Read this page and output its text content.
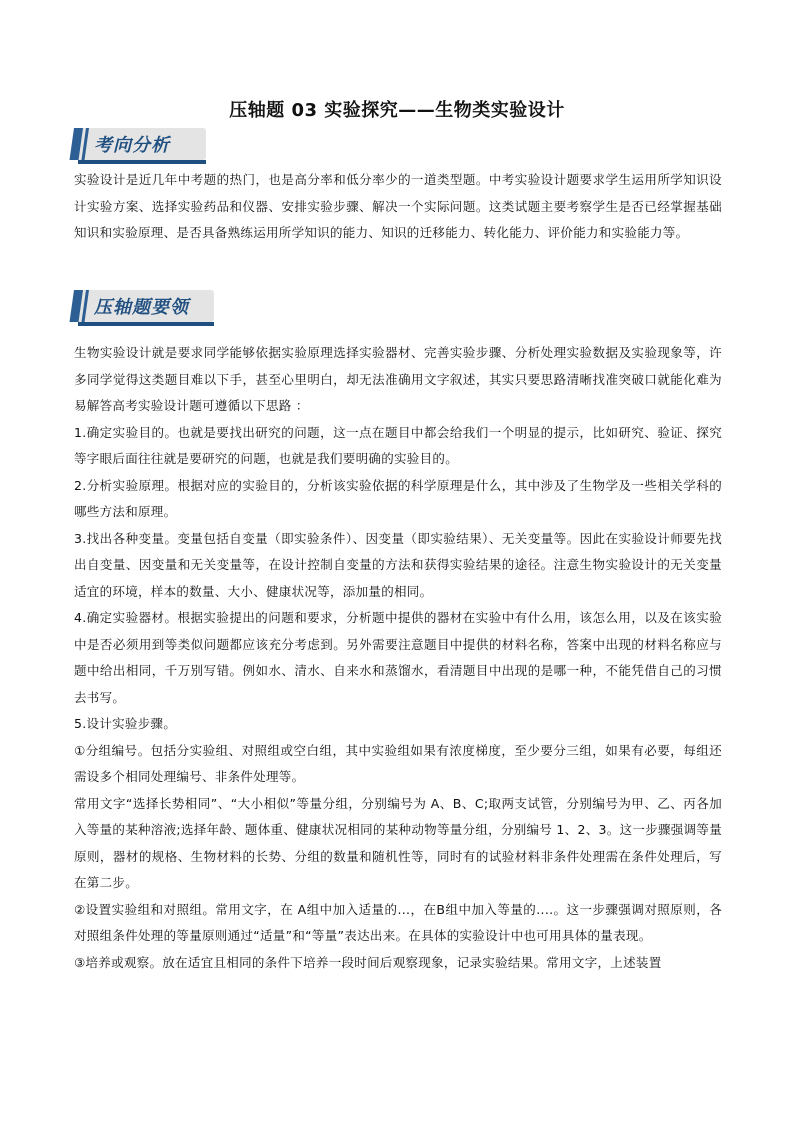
压轴题 03 实验探究——生物类实验设计
考向分析

实验设计是近几年中考题的热门，也是高分率和低分率少的一道类型题。中考实验设计题要求学生运用所学知识设计实验方案、选择实验药品和仪器、安排实验步骤、解决一个实际问题。这类试题主要考察学生是否已经掌握基础知识和实验原理、是否具备熟练运用所学知识的能力、知识的迁移能力、转化能力、评价能力和实验能力等。

压轴题要领

生物实验设计就是要求同学能够依据实验原理选择实验器材、完善实验步骤、分析处理实验数据及实验现象等，许多同学觉得这类题目难以下手，甚至心里明白，却无法准确用文字叙述，其实只要思路清晰找准突破口就能化难为易解答高考实验设计题可遵循以下思路 ：

1.确定实验目的。也就是要找出研究的问题，这一点在题目中都会给我们一个明显的提示，比如研究、验证、探究等字眼后面往往就是要研究的问题，也就是我们要明确的实验目的。

2.分析实验原理。根据对应的实验目的，分析该实验依据的科学原理是什么，其中涉及了生物学及一些相关学科的哪些方法和原理。

3.找出各种变量。变量包括自变量（即实验条件）、因变量（即实验结果）、无关变量等。因此在实验设计师要先找出自变量、因变量和无关变量等，在设计控制自变量的方法和获得实验结果的途径。注意生物实验设计的无关变量适宜的环境，样本的数量、大小、健康状况等，添加量的相同。

4.确定实验器材。根据实验提出的问题和要求，分析题中提供的器材在实验中有什么用，该怎么用，以及在该实验中是否必须用到等类似问题都应该充分考虑到。另外需要注意题目中提供的材料名称，答案中出现的材料名称应与题中给出相同，千万别写错。例如水、清水、自来水和蒸馏水，看清题目中出现的是哪一种，不能凭借自己的习惯去书写。

5.设计实验步骤。

①分组编号。包括分实验组、对照组或空白组，其中实验组如果有浓度梯度，至少要分三组，如果有必要，每组还需设多个相同处理编号、非条件处理等。

常用文字“选择长势相同”、“大小相似”等量分组，分别编号为 A、B、C;取两支试管，分别编号为甲、乙、丙各加入等量的某种溶液;选择年龄、题体重、健康状况相同的某种动物等量分组，分别编号 1、2、3。这一步骤强调等量原则，器材的规格、生物材料的长势、分组的数量和随机性等，同时有的试验材料非条件处理需在条件处理后，写在第二步。

②设置实验组和对照组。常用文字，在 A组中加入适量的...，在B组中加入等量的....。这一步骤强调对照原则，各对照组条件处理的等量原则通过“适量”和“等量”表达出来。在具体的实验设计中也可用具体的量表现。

③培养或观察。放在适宜且相同的条件下培养一段时间后观察现象，记录实验结果。常用文字，上述装置
